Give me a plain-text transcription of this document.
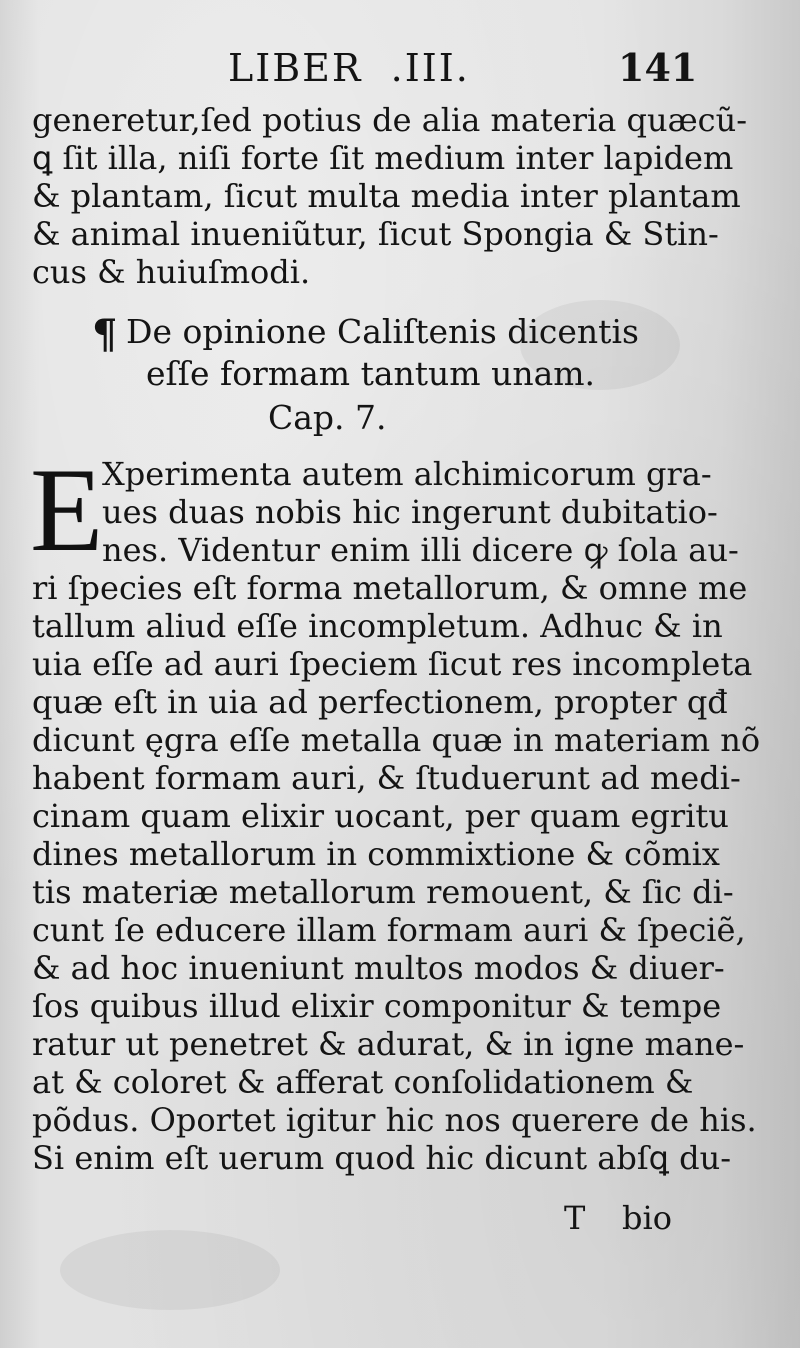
LIBER  .III.	141
generetur,ſed potius de alia materia quæcũ‑
ꝗ ſit illa, niſi forte ſit medium inter lapidem
& plantam, ſicut multa media inter plantam
& animal inueniũtur, ſicut Spongia & Stin‑
cus & huiuſmodi.
¶ De opinione Caliſtenis dicentis
eſſe formam tantum unam.
Cap. 7.
E
Xperimenta autem alchimicorum gra‑
ues duas nobis hic ingerunt dubitatio‑
nes. Videntur enim illi dicere ꝙ ſola au‑
ri ſpecies eſt forma metallorum, & omne me
tallum aliud eſſe incompletum. Adhuc & in
uia eſſe ad auri ſpeciem ſicut res incompleta
quæ eſt in uia ad perfectionem, propter qđ
dicunt ęgra eſſe metalla quæ in materiam nõ
habent formam auri, & ſtuduerunt ad medi‑
cinam quam elixir uocant, per quam egritu
dines metallorum in commixtione & cõmix
tis materiæ metallorum remouent, & ſic di‑
cunt ſe educere illam formam auri & ſpeciẽ,
& ad hoc inueniunt multos modos & diuer‑
ſos quibus illud elixir componitur & tempe
ratur ut penetret & adurat, & in igne mane‑
at & coloret & afferat conſolidationem &
põdus. Oportet igitur hic nos querere de his.
Si enim eſt uerum quod hic dicunt abſꝗ du‑
T bio
